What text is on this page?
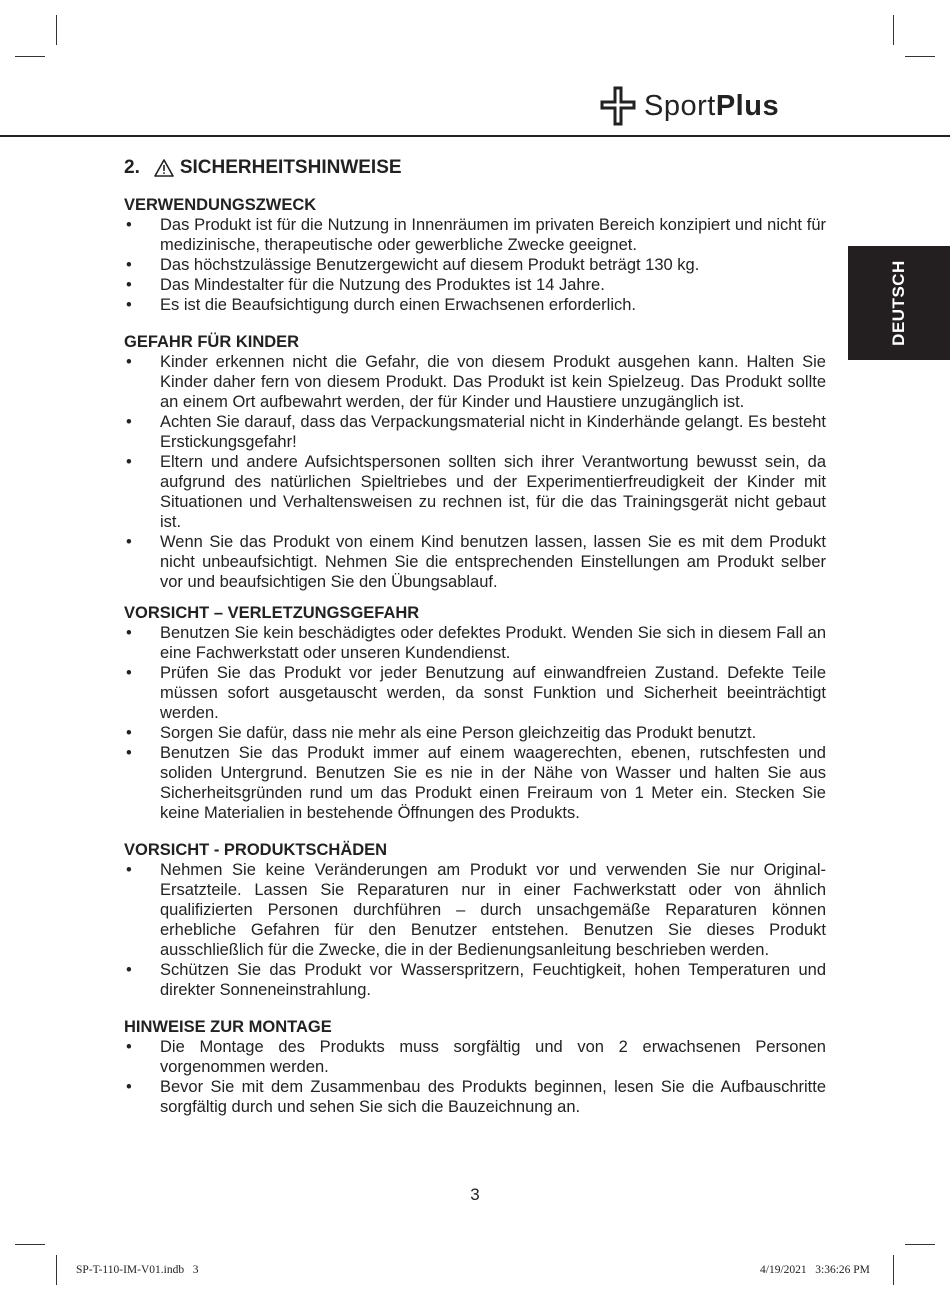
SportPlus
DEUTSCH
2. SICHERHEITSHINWEISE

VERWENDUNGSZWECK

• Das Produkt ist für die Nutzung in Innenräumen im privaten Bereich konzipiert und nicht für medizinische, therapeutische oder gewerbliche Zwecke geeignet.
• Das höchstzulässige Benutzergewicht auf diesem Produkt beträgt 130 kg.
• Das Mindestalter für die Nutzung des Produktes ist 14 Jahre.
• Es ist die Beaufsichtigung durch einen Erwachsenen erforderlich.

GEFAHR FÜR KINDER

• Kinder erkennen nicht die Gefahr, die von diesem Produkt ausgehen kann. Halten Sie Kinder daher fern von diesem Produkt. Das Produkt ist kein Spielzeug. Das Produkt sollte an einem Ort aufbewahrt werden, der für Kinder und Haustiere unzugänglich ist.
• Achten Sie darauf, dass das Verpackungsmaterial nicht in Kinderhände gelangt. Es besteht Erstickungsgefahr!
• Eltern und andere Aufsichtspersonen sollten sich ihrer Verantwortung bewusst sein, da aufgrund des natürlichen Spieltriebes und der Experimentierfreudigkeit der Kinder mit Situationen und Verhaltensweisen zu rechnen ist, für die das Trainingsgerät nicht gebaut ist.
• Wenn Sie das Produkt von einem Kind benutzen lassen, lassen Sie es mit dem Produkt nicht unbeaufsichtigt. Nehmen Sie die entsprechenden Einstellungen am Produkt selber vor und beaufsichtigen Sie den Übungsablauf.

VORSICHT – VERLETZUNGSGEFAHR

• Benutzen Sie kein beschädigtes oder defektes Produkt. Wenden Sie sich in diesem Fall an eine Fachwerkstatt oder unseren Kundendienst.
• Prüfen Sie das Produkt vor jeder Benutzung auf einwandfreien Zustand. Defekte Teile müssen sofort ausgetauscht werden, da sonst Funktion und Sicherheit beeinträchtigt werden.
• Sorgen Sie dafür, dass nie mehr als eine Person gleichzeitig das Produkt benutzt.
• Benutzen Sie das Produkt immer auf einem waagerechten, ebenen, rutschfesten und soliden Untergrund. Benutzen Sie es nie in der Nähe von Wasser und halten Sie aus Sicherheitsgründen rund um das Produkt einen Freiraum von 1 Meter ein. Stecken Sie keine Materialien in bestehende Öffnungen des Produkts.

VORSICHT - PRODUKTSCHÄDEN

• Nehmen Sie keine Veränderungen am Produkt vor und verwenden Sie nur Original-Ersatzteile. Lassen Sie Reparaturen nur in einer Fachwerkstatt oder von ähnlich qualifizierten Personen durchführen – durch unsachgemäße Reparaturen können erhebliche Gefahren für den Benutzer entstehen. Benutzen Sie dieses Produkt ausschließlich für die Zwecke, die in der Bedienungsanleitung beschrieben werden.
• Schützen Sie das Produkt vor Wasserspritzern, Feuchtigkeit, hohen Temperaturen und direkter Sonneneinstrahlung.

HINWEISE ZUR MONTAGE

• Die Montage des Produkts muss sorgfältig und von 2 erwachsenen Personen vorgenommen werden.
• Bevor Sie mit dem Zusammenbau des Produkts beginnen, lesen Sie die Aufbauschritte sorgfältig durch und sehen Sie sich die Bauzeichnung an.
3
SP-T-110-IM-V01.indb   3	4/19/2021   3:36:26 PM
